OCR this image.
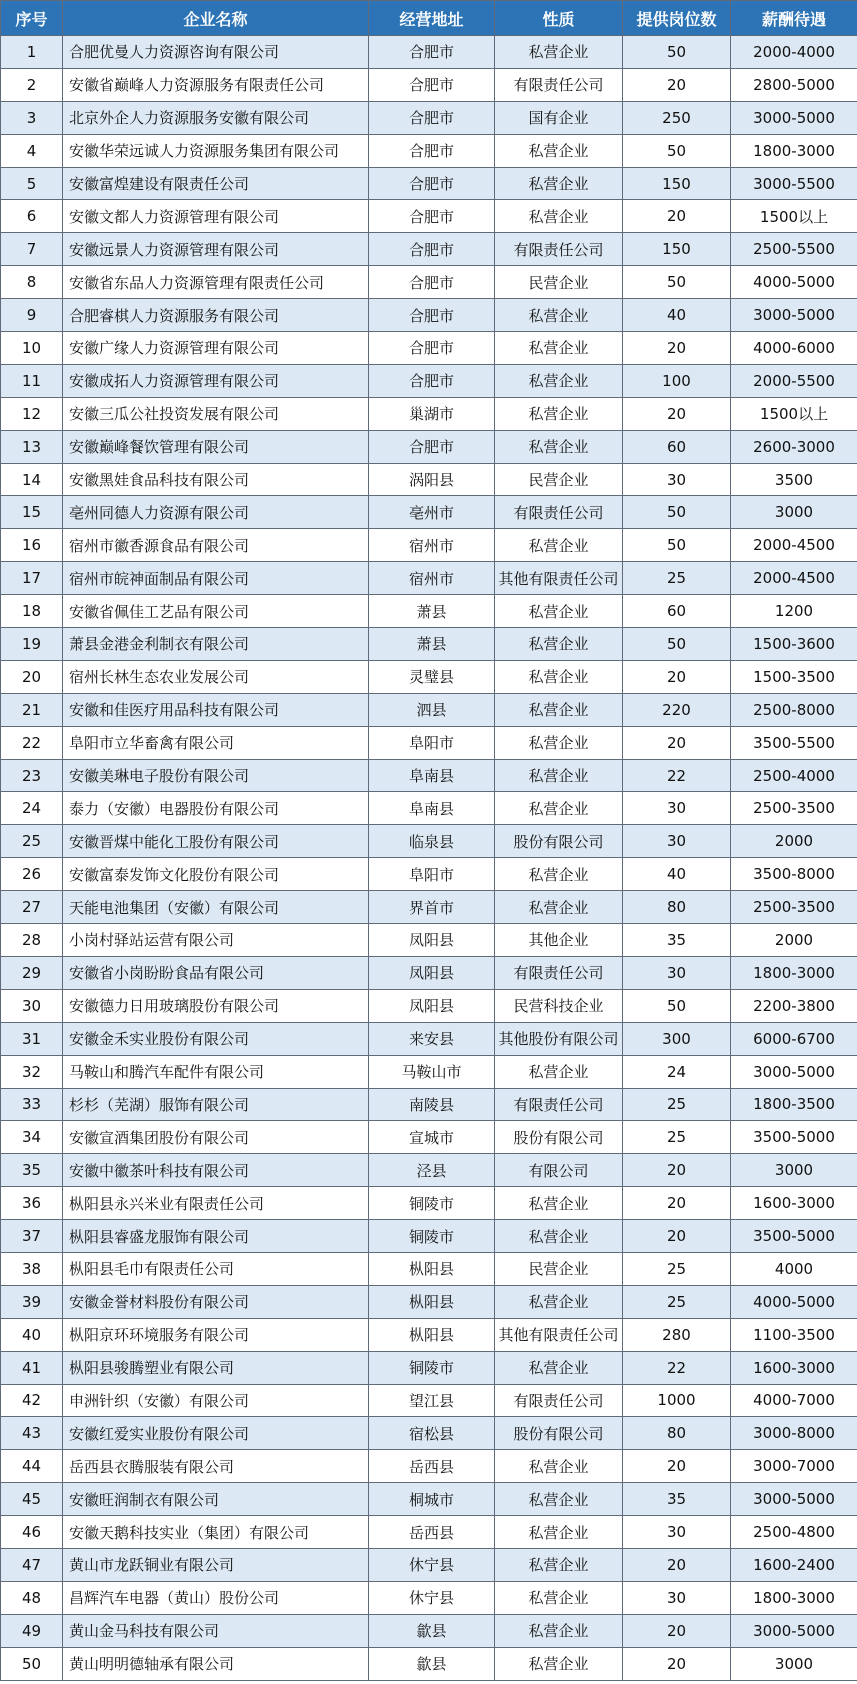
序号	企业名称	经营地址	性质	提供岗位数	薪酬待遇
1	合肥优曼人力资源咨询有限公司	合肥市	私营企业	50	2000-4000
2	安徽省巅峰人力资源服务有限责任公司	合肥市	有限责任公司	20	2800-5000
3	北京外企人力资源服务安徽有限公司	合肥市	国有企业	250	3000-5000
4	安徽华荣远诚人力资源服务集团有限公司	合肥市	私营企业	50	1800-3000
5	安徽富煌建设有限责任公司	合肥市	私营企业	150	3000-5500
6	安徽文都人力资源管理有限公司	合肥市	私营企业	20	1500以上
7	安徽远景人力资源管理有限公司	合肥市	有限责任公司	150	2500-5500
8	安徽省东品人力资源管理有限责任公司	合肥市	民营企业	50	4000-5000
9	合肥睿棋人力资源服务有限公司	合肥市	私营企业	40	3000-5000
10	安徽广缘人力资源管理有限公司	合肥市	私营企业	20	4000-6000
11	安徽成拓人力资源管理有限公司	合肥市	私营企业	100	2000-5500
12	安徽三瓜公社投资发展有限公司	巢湖市	私营企业	20	1500以上
13	安徽巅峰餐饮管理有限公司	合肥市	私营企业	60	2600-3000
14	安徽黑娃食品科技有限公司	涡阳县	民营企业	30	3500
15	亳州同德人力资源有限公司	亳州市	有限责任公司	50	3000
16	宿州市徽香源食品有限公司	宿州市	私营企业	50	2000-4500
17	宿州市皖神面制品有限公司	宿州市	其他有限责任公司	25	2000-4500
18	安徽省佩佳工艺品有限公司	萧县	私营企业	60	1200
19	萧县金港金利制衣有限公司	萧县	私营企业	50	1500-3600
20	宿州长林生态农业发展公司	灵璧县	私营企业	20	1500-3500
21	安徽和佳医疗用品科技有限公司	泗县	私营企业	220	2500-8000
22	阜阳市立华畜禽有限公司	阜阳市	私营企业	20	3500-5500
23	安徽美琳电子股份有限公司	阜南县	私营企业	22	2500-4000
24	泰力（安徽）电器股份有限公司	阜南县	私营企业	30	2500-3500
25	安徽晋煤中能化工股份有限公司	临泉县	股份有限公司	30	2000
26	安徽富泰发饰文化股份有限公司	阜阳市	私营企业	40	3500-8000
27	天能电池集团（安徽）有限公司	界首市	私营企业	80	2500-3500
28	小岗村驿站运营有限公司	凤阳县	其他企业	35	2000
29	安徽省小岗盼盼食品有限公司	凤阳县	有限责任公司	30	1800-3000
30	安徽德力日用玻璃股份有限公司	凤阳县	民营科技企业	50	2200-3800
31	安徽金禾实业股份有限公司	来安县	其他股份有限公司	300	6000-6700
32	马鞍山和腾汽车配件有限公司	马鞍山市	私营企业	24	3000-5000
33	杉杉（芜湖）服饰有限公司	南陵县	有限责任公司	25	1800-3500
34	安徽宣酒集团股份有限公司	宣城市	股份有限公司	25	3500-5000
35	安徽中徽茶叶科技有限公司	泾县	有限公司	20	3000
36	枞阳县永兴米业有限责任公司	铜陵市	私营企业	20	1600-3000
37	枞阳县睿盛龙服饰有限公司	铜陵市	私营企业	20	3500-5000
38	枞阳县毛巾有限责任公司	枞阳县	民营企业	25	4000
39	安徽金誉材料股份有限公司	枞阳县	私营企业	25	4000-5000
40	枞阳京环环境服务有限公司	枞阳县	其他有限责任公司	280	1100-3500
41	枞阳县骏腾塑业有限公司	铜陵市	私营企业	22	1600-3000
42	申洲针织（安徽）有限公司	望江县	有限责任公司	1000	4000-7000
43	安徽红爱实业股份有限公司	宿松县	股份有限公司	80	3000-8000
44	岳西县衣腾服装有限公司	岳西县	私营企业	20	3000-7000
45	安徽旺润制衣有限公司	桐城市	私营企业	35	3000-5000
46	安徽天鹅科技实业（集团）有限公司	岳西县	私营企业	30	2500-4800
47	黄山市龙跃铜业有限公司	休宁县	私营企业	20	1600-2400
48	昌辉汽车电器（黄山）股份公司	休宁县	私营企业	30	1800-3000
49	黄山金马科技有限公司	歙县	私营企业	20	3000-5000
50	黄山明明德轴承有限公司	歙县	私营企业	20	3000
